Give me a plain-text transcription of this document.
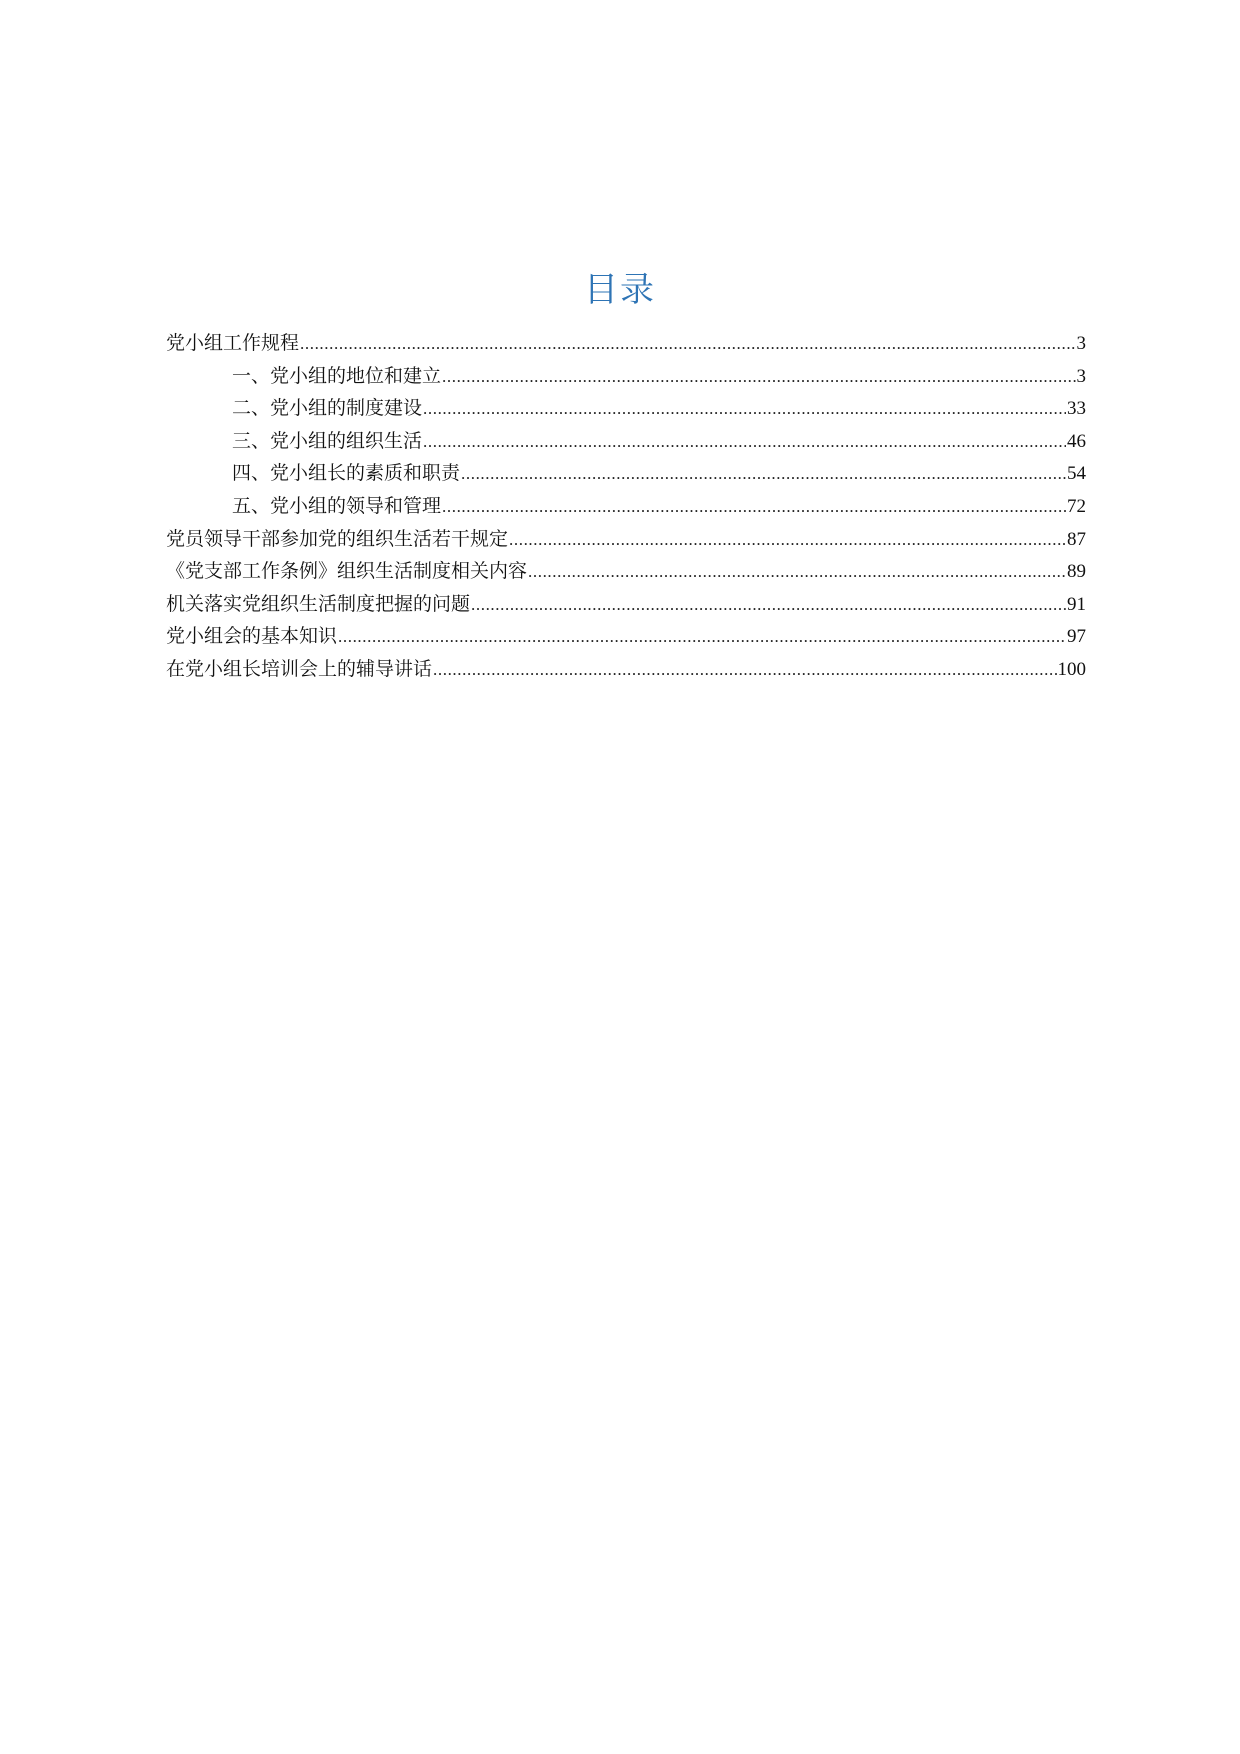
目录
党小组工作规程 .....	3
一、党小组的地位和建立 .....	3
二、党小组的制度建设 .....	33
三、党小组的组织生活 .....	46
四、党小组长的素质和职责 .....	54
五、党小组的领导和管理 .....	72
党员领导干部参加党的组织生活若干规定 .....	87
《党支部工作条例》组织生活制度相关内容 .....	89
机关落实党组织生活制度把握的问题 .....	91
党小组会的基本知识 .....	97
在党小组长培训会上的辅导讲话 .....	100
